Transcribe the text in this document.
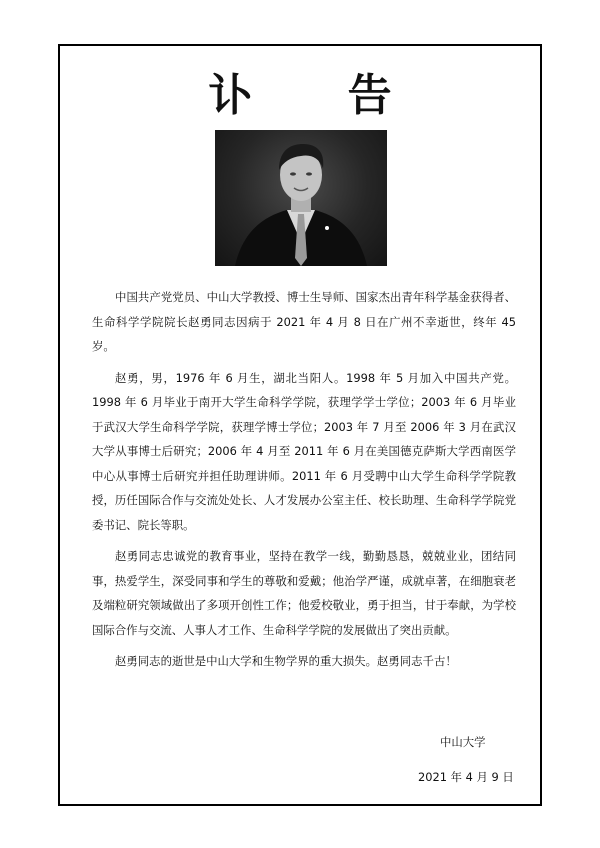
讣 告

中国共产党党员、中山大学教授、博士生导师、国家杰出青年科学基金获得者、生命科学学院院长赵勇同志因病于 2021 年 4 月 8 日在广州不幸逝世，终年 45 岁。

赵勇，男，1976 年 6 月生，湖北当阳人。1998 年 5 月加入中国共产党。1998 年 6 月毕业于南开大学生命科学学院，获理学学士学位；2003 年 6 月毕业于武汉大学生命科学学院，获理学博士学位；2003 年 7 月至 2006 年 3 月在武汉大学从事博士后研究；2006 年 4 月至 2011 年 6 月在美国德克萨斯大学西南医学中心从事博士后研究并担任助理讲师。2011 年 6 月受聘中山大学生命科学学院教授，历任国际合作与交流处处长、人才发展办公室主任、校长助理、生命科学学院党委书记、院长等职。

赵勇同志忠诚党的教育事业，坚持在教学一线，勤勤恳恳，兢兢业业，团结同事，热爱学生，深受同事和学生的尊敬和爱戴；他治学严谨，成就卓著，在细胞衰老及端粒研究领域做出了多项开创性工作；他爱校敬业，勇于担当，甘于奉献，为学校国际合作与交流、人事人才工作、生命科学学院的发展做出了突出贡献。

赵勇同志的逝世是中山大学和生物学界的重大损失。赵勇同志千古！

中山大学
2021 年 4 月 9 日
